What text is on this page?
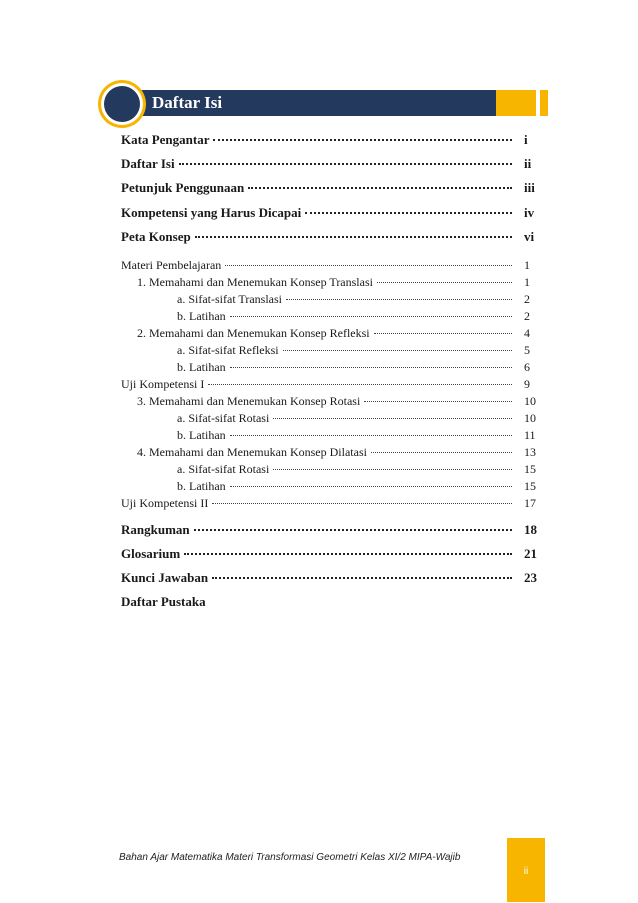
Daftar Isi
Kata Pengantar	i
Daftar Isi	ii
Petunjuk Penggunaan	iii
Kompetensi yang Harus Dicapai	iv
Peta Konsep	vi
Materi Pembelajaran	1
1. Memahami dan Menemukan Konsep Translasi	1
a. Sifat-sifat Translasi	2
b. Latihan	2
2. Memahami dan Menemukan Konsep Refleksi	4
a. Sifat-sifat Refleksi	5
b. Latihan	6
Uji Kompetensi I	9
3. Memahami dan Menemukan Konsep Rotasi	10
a. Sifat-sifat Rotasi	10
b. Latihan	11
4. Memahami dan Menemukan Konsep Dilatasi	13
a. Sifat-sifat Rotasi	15
b. Latihan	15
Uji Kompetensi II	17
Rangkuman	18
Glosarium	21
Kunci Jawaban	23
Daftar Pustaka
Bahan Ajar Matematika Materi Transformasi Geometri Kelas XI/2 MIPA-Wajib
ii
